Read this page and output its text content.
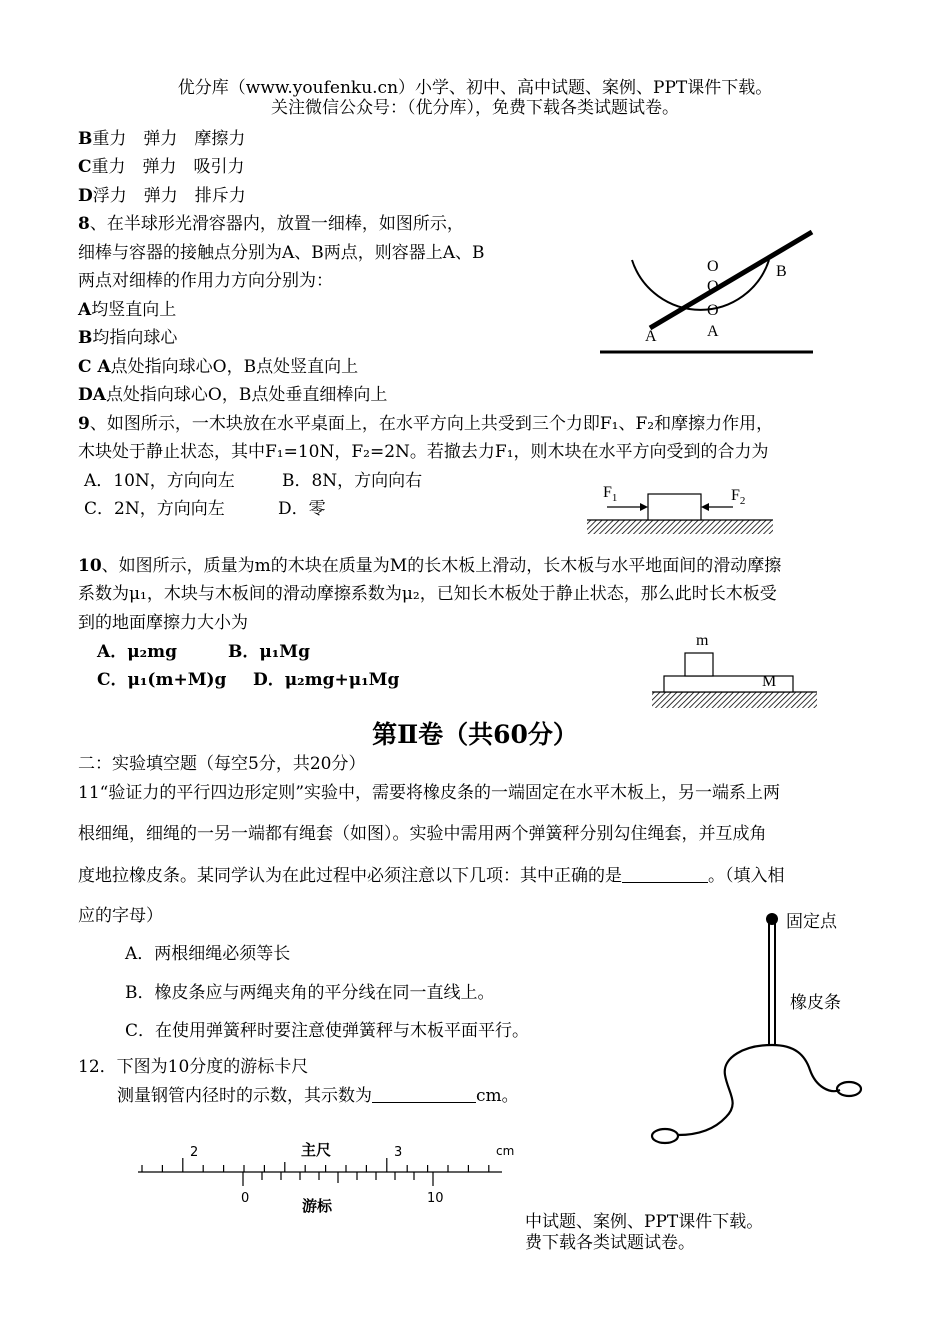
优分库（www.youfenku.cn）小学、初中、高中试题、案例、PPT课件下载。
关注微信公众号：（优分库），免费下载各类试题试卷。
B重力　弹力　摩擦力
C重力　弹力　吸引力
D浮力　弹力　排斥力
8、在半球形光滑容器内，放置一细棒，如图所示，
细棒与容器的接触点分别为A、B两点，则容器上A、B
两点对细棒的作用力方向分别为：
A均竖直向上
B均指向球心
C A点处指向球心O，B点处竖直向上
DA点处指向球心O，B点处垂直细棒向上
O
O
O
B
A	A
9、如图所示，一木块放在水平桌面上，在水平方向上共受到三个力即F₁、F₂和摩擦力作用，
木块处于静止状态，其中F₁=10N，F₂=2N。若撤去力F₁，则木块在水平方向受到的合力为
A．10N，方向向左	B．8N，方向向右
C．2N，方向向左	D．零
$F_1$	$F_2$
10、如图所示，质量为m的木块在质量为M的长木板上滑动，长木板与水平地面间的滑动摩擦
系数为μ₁，木块与木板间的滑动摩擦系数为μ₂，已知长木板处于静止状态，那么此时长木板受
到的地面摩擦力大小为
A．μ₂mg	B．μ₁Mg
C．μ₁(m+M)g D．μ₂mg+μ₁Mg
m
M
第Ⅱ卷（共60分）
二：实验填空题（每空5分，共20分）
11“验证力的平行四边形定则”实验中，需要将橡皮条的一端固定在水平木板上，另一端系上两
根细绳，细绳的一另一端都有绳套（如图）。实验中需用两个弹簧秤分别勾住绳套，并互成角
度地拉橡皮条。某同学认为在此过程中必须注意以下几项：其中正确的是	。（填入相
应的字母）
A．两根细绳必须等长
B．橡皮条应与两绳夹角的平分线在同一直线上。
C．在使用弹簧秤时要注意使弹簧秤与木板平面平行。
固定点
橡皮条
12．下图为10分度的游标卡尺
测量钢管内径时的示数，其示数为	cm。
2	3	cm
主尺
0	10
游标
中试题、案例、PPT课件下载。
费下载各类试题试卷。
